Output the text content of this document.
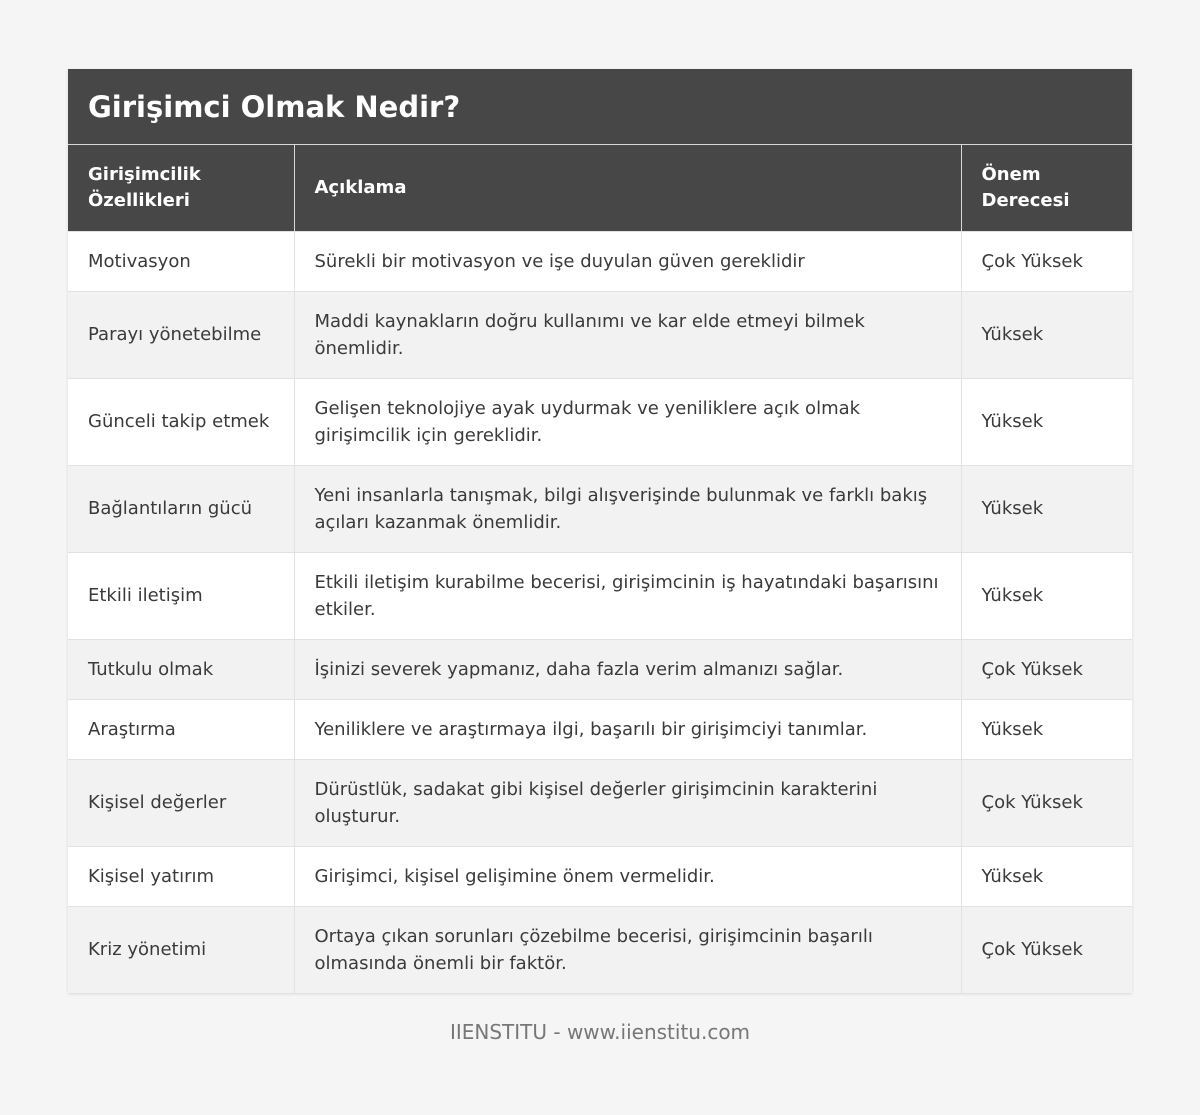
Girişimci Olmak Nedir?
Girişimcilik Özellikleri	Açıklama	Önem Derecesi
Motivasyon	Sürekli bir motivasyon ve işe duyulan güven gereklidir	Çok Yüksek
Parayı yönetebilme	Maddi kaynakların doğru kullanımı ve kar elde etmeyi bilmek önemlidir.	Yüksek
Günceli takip etmek	Gelişen teknolojiye ayak uydurmak ve yeniliklere açık olmak girişimcilik için gereklidir.	Yüksek
Bağlantıların gücü	Yeni insanlarla tanışmak, bilgi alışverişinde bulunmak ve farklı bakış açıları kazanmak önemlidir.	Yüksek
Etkili iletişim	Etkili iletişim kurabilme becerisi, girişimcinin iş hayatındaki başarısını etkiler.	Yüksek
Tutkulu olmak	İşinizi severek yapmanız, daha fazla verim almanızı sağlar.	Çok Yüksek
Araştırma	Yeniliklere ve araştırmaya ilgi, başarılı bir girişimciyi tanımlar.	Yüksek
Kişisel değerler	Dürüstlük, sadakat gibi kişisel değerler girişimcinin karakterini oluşturur.	Çok Yüksek
Kişisel yatırım	Girişimci, kişisel gelişimine önem vermelidir.	Yüksek
Kriz yönetimi	Ortaya çıkan sorunları çözebilme becerisi, girişimcinin başarılı olmasında önemli bir faktör.	Çok Yüksek
IIENSTITU - www.iienstitu.com
